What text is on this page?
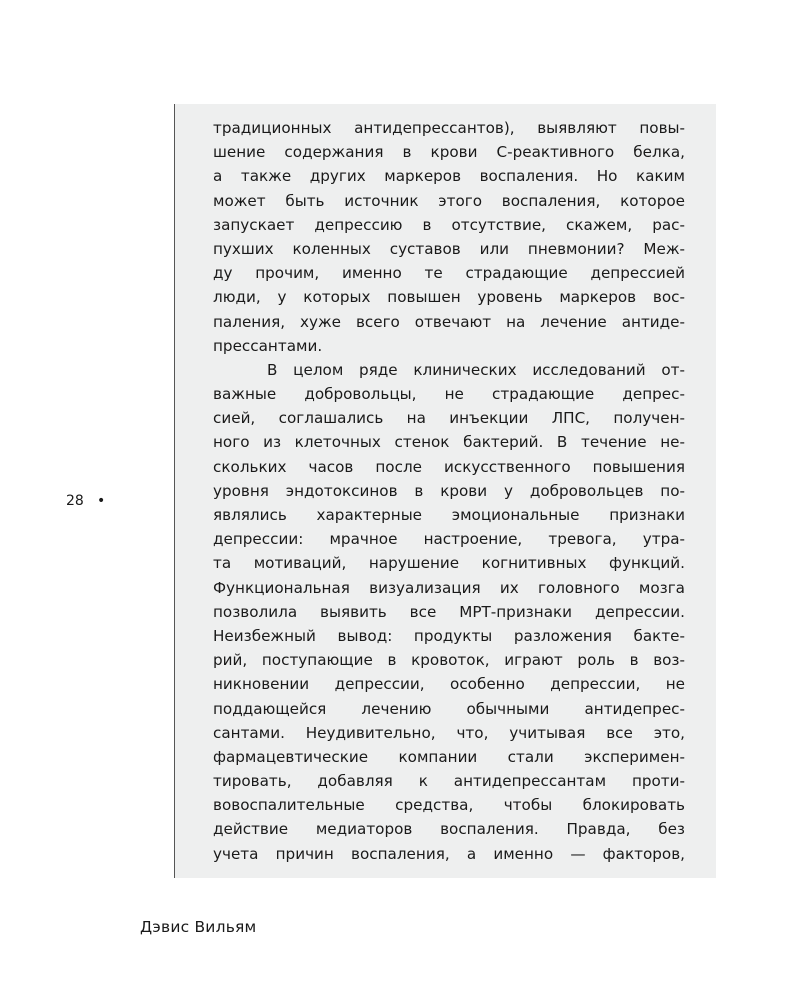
традиционных антидепрессантов), выявляют повы-
шение содержания в крови С-реактивного белка,
а также других маркеров воспаления. Но каким
может быть источник этого воспаления, которое
запускает депрессию в отсутствие, скажем, рас-
пухших коленных суставов или пневмонии? Меж-
ду прочим, именно те страдающие депрессией
люди, у которых повышен уровень маркеров вос-
паления, хуже всего отвечают на лечение антиде-
прессантами.
В целом ряде клинических исследований от-
важные добровольцы, не страдающие депрес-
сией, соглашались на инъекции ЛПС, получен-
ного из клеточных стенок бактерий. В течение не-
скольких часов после искусственного повышения
уровня эндотоксинов в крови у добровольцев по-
являлись характерные эмоциональные признаки
депрессии: мрачное настроение, тревога, утра-
та мотиваций, нарушение когнитивных функций.
Функциональная визуализация их головного мозга
позволила выявить все МРТ-признаки депрессии.
Неизбежный вывод: продукты разложения бакте-
рий, поступающие в кровоток, играют роль в воз-
никновении депрессии, особенно депрессии, не
поддающейся лечению обычными антидепрес-
сантами. Неудивительно, что, учитывая все это,
фармацевтические компании стали эксперимен-
тировать, добавляя к антидепрессантам проти-
вовоспалительные средства, чтобы блокировать
действие медиаторов воспаления. Правда, без
учета причин воспаления, а именно — факторов,
28 •
Дэвис Вильям
